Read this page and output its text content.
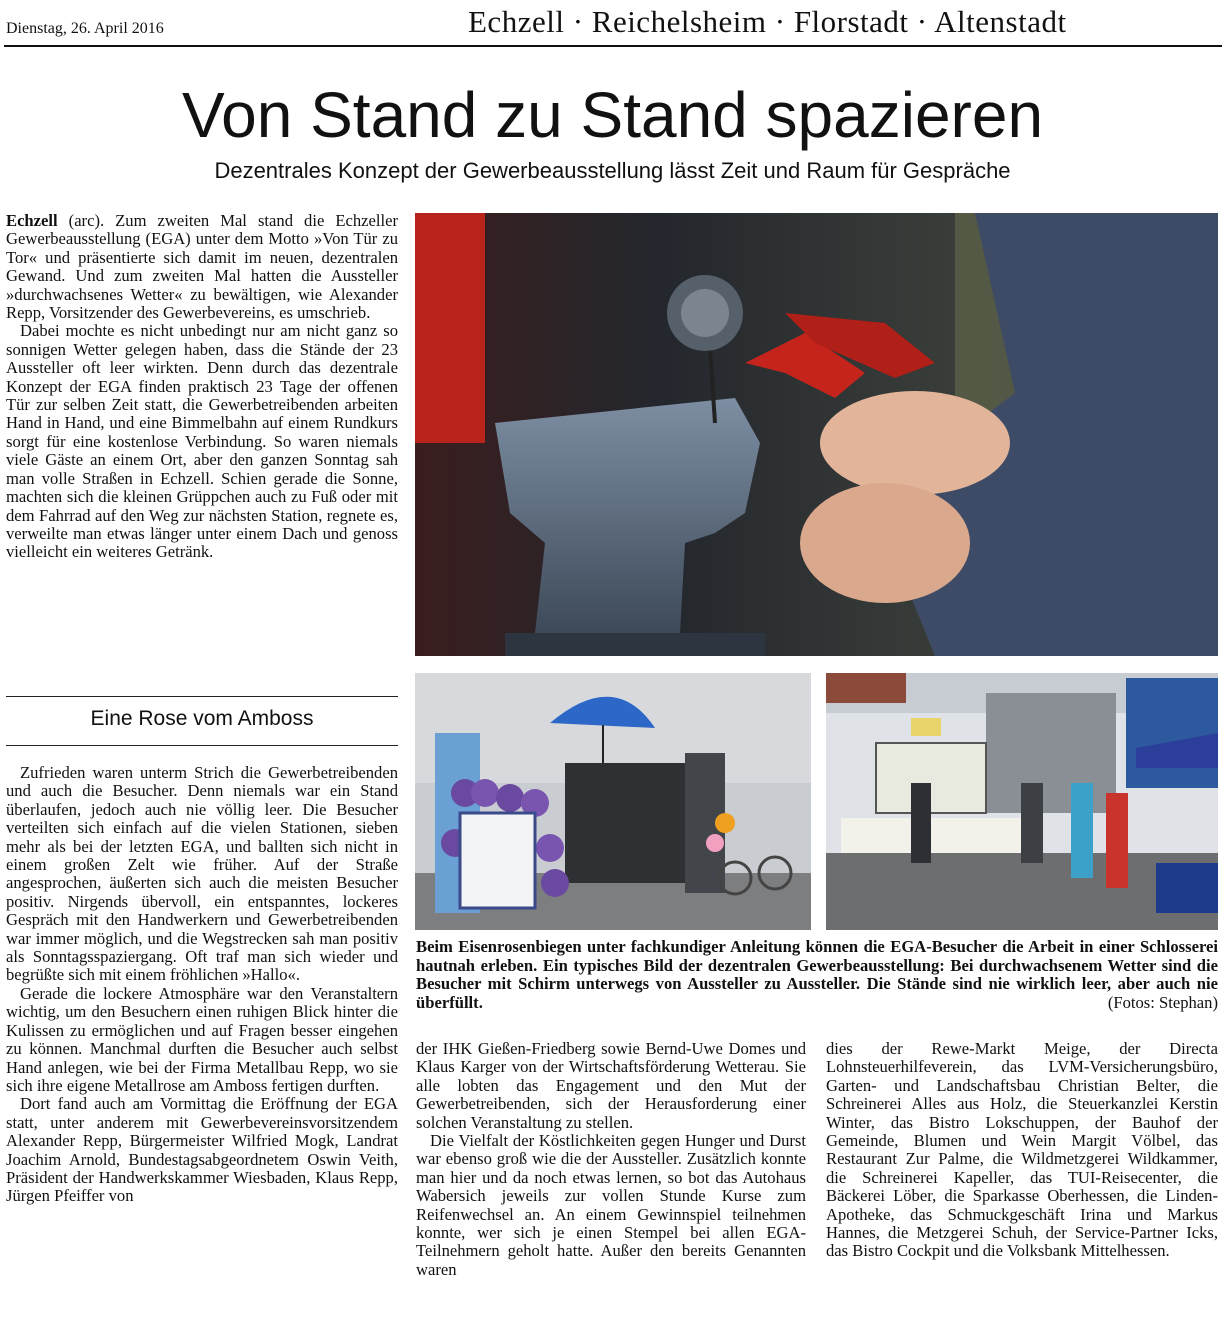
Dienstag, 26. April 2016	Echzell · Reichelsheim · Florstadt · Altenstadt
Von Stand zu Stand spazieren
Dezentrales Konzept der Gewerbeausstellung lässt Zeit und Raum für Gespräche

Echzell (arc). Zum zweiten Mal stand die Echzeller Gewerbeausstellung (EGA) unter dem Motto »Von Tür zu Tor« und präsentierte sich damit im neuen, dezentralen Gewand. Und zum zweiten Mal hatten die Aussteller »durchwachsenes Wetter« zu bewältigen, wie Alexander Repp, Vorsitzender des Gewerbevereins, es umschrieb.

Dabei mochte es nicht unbedingt nur am nicht ganz so sonnigen Wetter gelegen haben, dass die Stände der 23 Aussteller oft leer wirkten. Denn durch das dezentrale Konzept der EGA finden praktisch 23 Tage der offenen Tür zur selben Zeit statt, die Gewerbetreibenden arbeiten Hand in Hand, und eine Bimmelbahn auf einem Rundkurs sorgt für eine kostenlose Verbindung. So waren niemals viele Gäste an einem Ort, aber den ganzen Sonntag sah man volle Straßen in Echzell. Schien gerade die Sonne, machten sich die kleinen Grüppchen auch zu Fuß oder mit dem Fahrrad auf den Weg zur nächsten Station, regnete es, verweilte man etwas länger unter einem Dach und genoss vielleicht ein weiteres Getränk.

Eine Rose vom Amboss

Zufrieden waren unterm Strich die Gewerbetreibenden und auch die Besucher. Denn niemals war ein Stand überlaufen, jedoch auch nie völlig leer. Die Besucher verteilten sich einfach auf die vielen Stationen, sieben mehr als bei der letzten EGA, und ballten sich nicht in einem großen Zelt wie früher. Auf der Straße angesprochen, äußerten sich auch die meisten Besucher positiv. Nirgends übervoll, ein entspanntes, lockeres Gespräch mit den Handwerkern und Gewerbetreibenden war immer möglich, und die Wegstrecken sah man positiv als Sonntagsspaziergang. Oft traf man sich wieder und begrüßte sich mit einem fröhlichen »Hallo«.

Gerade die lockere Atmosphäre war den Veranstaltern wichtig, um den Besuchern einen ruhigen Blick hinter die Kulissen zu ermöglichen und auf Fragen besser eingehen zu können. Manchmal durften die Besucher auch selbst Hand anlegen, wie bei der Firma Metallbau Repp, wo sie sich ihre eigene Metallrose am Amboss fertigen durften.

Dort fand auch am Vormittag die Eröffnung der EGA statt, unter anderem mit Gewerbevereinsvorsitzendem Alexander Repp, Bürgermeister Wilfried Mogk, Landrat Joachim Arnold, Bundestagsabgeordnetem Oswin Veith, Präsident der Handwerkskammer Wiesbaden, Klaus Repp, Jürgen Pfeiffer von

Beim Eisenrosenbiegen unter fachkundiger Anleitung können die EGA-Besucher die Arbeit in einer Schlosserei hautnah erleben. Ein typisches Bild der dezentralen Gewerbeausstellung: Bei durchwachsenem Wetter sind die Besucher mit Schirm unterwegs von Aussteller zu Aussteller. Die Stände sind nie wirklich leer, aber auch nie überfüllt.	(Fotos: Stephan)

der IHK Gießen-Friedberg sowie Bernd-Uwe Domes und Klaus Karger von der Wirtschaftsförderung Wetterau. Sie alle lobten das Engagement und den Mut der Gewerbetreibenden, sich der Herausforderung einer solchen Veranstaltung zu stellen.

Die Vielfalt der Köstlichkeiten gegen Hunger und Durst war ebenso groß wie die der Aussteller. Zusätzlich konnte man hier und da noch etwas lernen, so bot das Autohaus Wabersich jeweils zur vollen Stunde Kurse zum Reifenwechsel an. An einem Gewinnspiel teilnehmen konnte, wer sich je einen Stempel bei allen EGA-Teilnehmern geholt hatte. Außer den bereits Genannten waren

dies der Rewe-Markt Meige, der Directa Lohnsteuerhilfeverein, das LVM-Versicherungsbüro, Garten- und Landschaftsbau Christian Belter, die Schreinerei Alles aus Holz, die Steuerkanzlei Kerstin Winter, das Bistro Lokschuppen, der Bauhof der Gemeinde, Blumen und Wein Margit Völbel, das Restaurant Zur Palme, die Wildmetzgerei Wildkammer, die Schreinerei Kapeller, das TUI-Reisecenter, die Bäckerei Löber, die Sparkasse Oberhessen, die Linden-Apotheke, das Schmuckgeschäft Irina und Markus Hannes, die Metzgerei Schuh, der Service-Partner Icks, das Bistro Cockpit und die Volksbank Mittelhessen.
